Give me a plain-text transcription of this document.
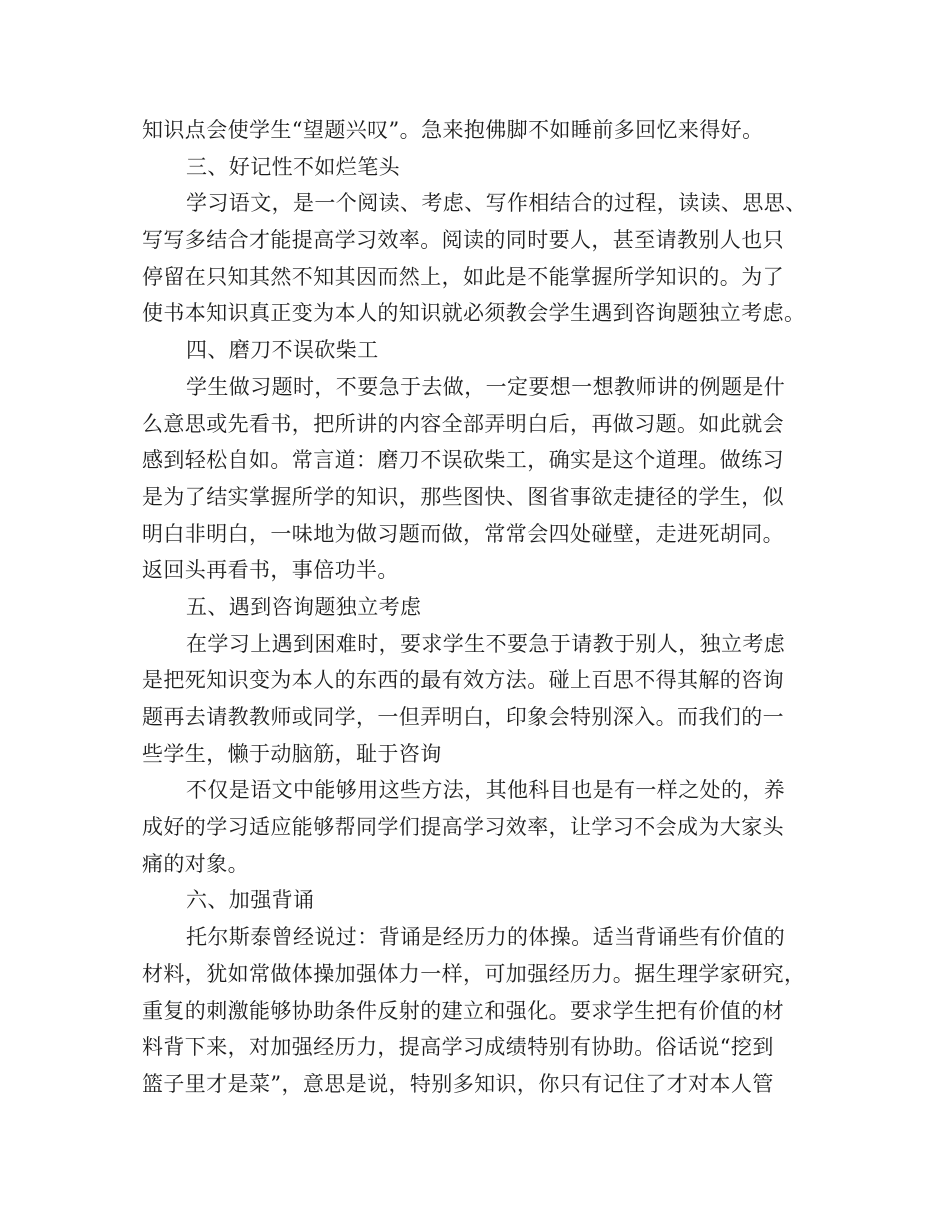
知识点会使学生“望题兴叹”。急来抱佛脚不如睡前多回忆来得好。
三、好记性不如烂笔头
学习语文，是一个阅读、考虑、写作相结合的过程，读读、思思、
写写多结合才能提高学习效率。阅读的同时要人，甚至请教别人也只
停留在只知其然不知其因而然上，如此是不能掌握所学知识的。为了
使书本知识真正变为本人的知识就必须教会学生遇到咨询题独立考虑。
四、磨刀不误砍柴工
学生做习题时，不要急于去做，一定要想一想教师讲的例题是什
么意思或先看书，把所讲的内容全部弄明白后，再做习题。如此就会
感到轻松自如。常言道：磨刀不误砍柴工，确实是这个道理。做练习
是为了结实掌握所学的知识，那些图快、图省事欲走捷径的学生，似
明白非明白，一味地为做习题而做，常常会四处碰壁，走进死胡同。
返回头再看书，事倍功半。
五、遇到咨询题独立考虑
在学习上遇到困难时，要求学生不要急于请教于别人，独立考虑
是把死知识变为本人的东西的最有效方法。碰上百思不得其解的咨询
题再去请教教师或同学，一但弄明白，印象会特别深入。而我们的一
些学生，懒于动脑筋，耻于咨询
不仅是语文中能够用这些方法，其他科目也是有一样之处的，养
成好的学习适应能够帮同学们提高学习效率，让学习不会成为大家头
痛的对象。
六、加强背诵
托尔斯泰曾经说过：背诵是经历力的体操。适当背诵些有价值的
材料，犹如常做体操加强体力一样，可加强经历力。据生理学家研究，
重复的刺激能够协助条件反射的建立和强化。要求学生把有价值的材
料背下来，对加强经历力，提高学习成绩特别有协助。俗话说“挖到
篮子里才是菜”，意思是说，特别多知识，你只有记住了才对本人管
